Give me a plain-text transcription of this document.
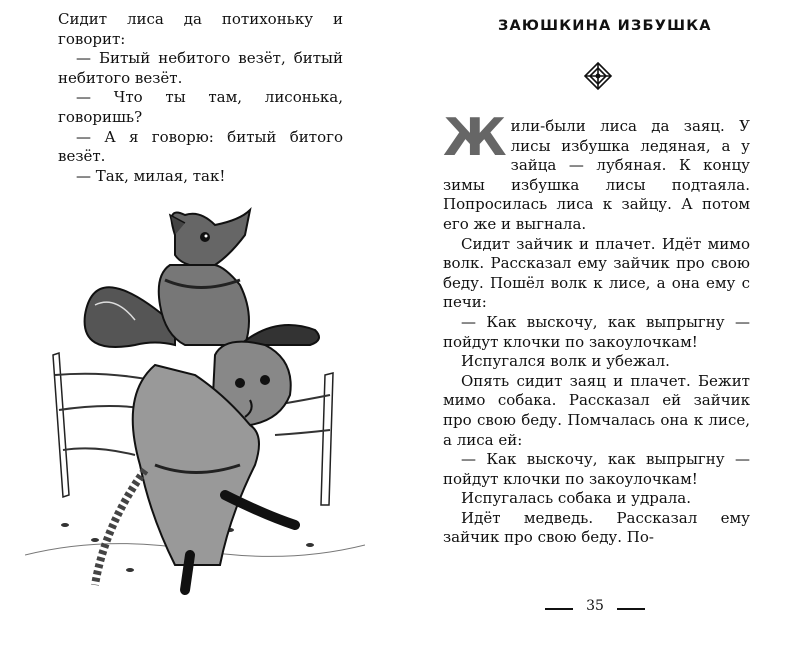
Сидит лиса да потихоньку и говорит:

— Битый небитого везёт, битый небитого везёт.

— Что ты там, лисонька, говоришь?

— А я говорю: битый битого везёт.

— Так, милая, так!

ЗАЮШКИНА ИЗБУШКА

Жили-были лиса да заяц. У лисы избушка ледяная, а у зайца — лубяная. К концу зимы избушка лисы подтаяла. Попросилась лиса к зайцу. А потом его же и выгнала.

Сидит зайчик и плачет. Идёт мимо волк. Рассказал ему зайчик про свою беду. Пошёл волк к лисе, а она ему с печи:

— Как выскочу, как выпрыгну — пойдут клочки по закоулочкам!

Испугался волк и убежал.

Опять сидит заяц и плачет. Бежит мимо собака. Рассказал ей зайчик про свою беду. Помчалась она к лисе, а лиса ей:

— Как выскочу, как выпрыгну — пойдут клочки по закоулочкам!

Испугалась собака и удрала.

Идёт медведь. Рассказал ему зайчик про свою беду. По-

35
